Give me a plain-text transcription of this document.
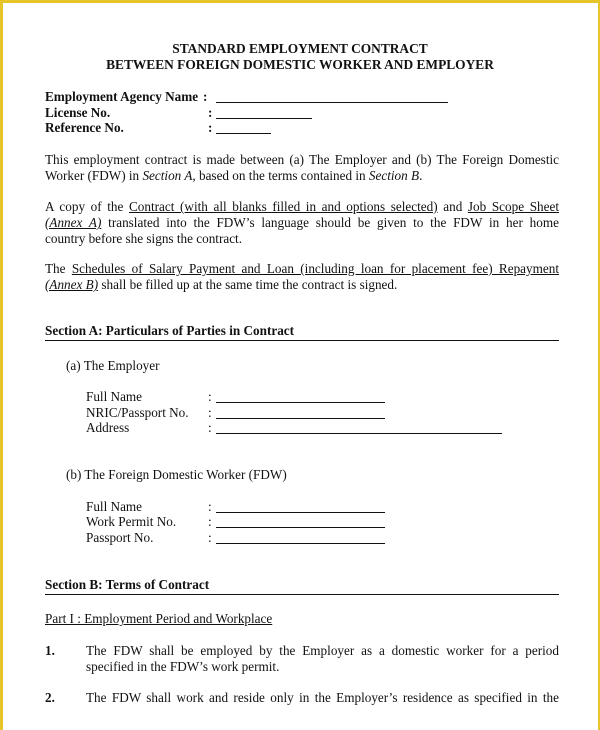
STANDARD EMPLOYMENT CONTRACT
BETWEEN FOREIGN DOMESTIC WORKER AND EMPLOYER
Employment Agency Name :
License No.	:
Reference No.	:
This employment contract is made between (a) The Employer and (b) The Foreign Domestic
Worker (FDW) in Section A, based on the terms contained in Section B.
A copy of the Contract (with all blanks filled in and options selected) and Job Scope Sheet
(Annex A) translated into the FDW’s language should be given to the FDW in her home
country before she signs the contract.
The Schedules of Salary Payment and Loan (including loan for placement fee) Repayment
(Annex B) shall be filled up at the same time the contract is signed.
Section A: Particulars of Parties in Contract
(a) The Employer
Full Name	:
NRIC/Passport No. :
Address	:
(b) The Foreign Domestic Worker (FDW)
Full Name	:
Work Permit No. :
Passport No.	:
Section B: Terms of Contract
Part I : Employment Period and Workplace
1. The FDW shall be employed by the Employer as a domestic worker for a period
specified in the FDW’s work permit.
2. The FDW shall work and reside only in the Employer’s residence as specified in the
